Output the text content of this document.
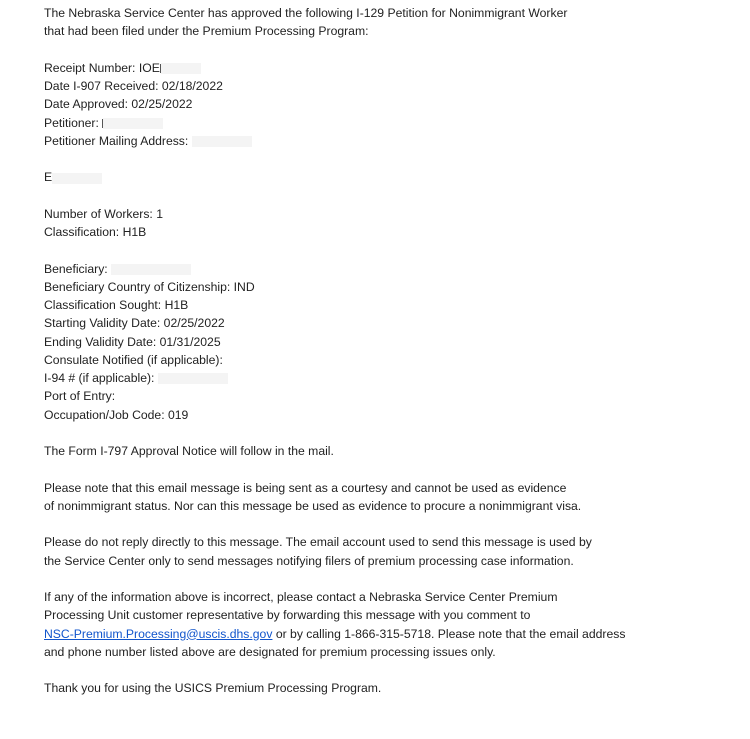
The Nebraska Service Center has approved the following I-129 Petition for Nonimmigrant Worker
that had been filed under the Premium Processing Program:
Receipt Number: IOE
Date I-907 Received: 02/18/2022
Date Approved: 02/25/2022
Petitioner:
Petitioner Mailing Address:
E
Number of Workers: 1
Classification: H1B
Beneficiary:
Beneficiary Country of Citizenship: IND
Classification Sought: H1B
Starting Validity Date: 02/25/2022
Ending Validity Date: 01/31/2025
Consulate Notified (if applicable):
I-94 # (if applicable):
Port of Entry:
Occupation/Job Code: 019
The Form I-797 Approval Notice will follow in the mail.
Please note that this email message is being sent as a courtesy and cannot be used as evidence
of nonimmigrant status. Nor can this message be used as evidence to procure a nonimmigrant visa.
Please do not reply directly to this message. The email account used to send this message is used by
the Service Center only to send messages notifying filers of premium processing case information.
If any of the information above is incorrect, please contact a Nebraska Service Center Premium
Processing Unit customer representative by forwarding this message with you comment to
NSC-Premium.Processing@uscis.dhs.gov or by calling 1-866-315-5718. Please note that the email address
and phone number listed above are designated for premium processing issues only.
Thank you for using the USICS Premium Processing Program.
